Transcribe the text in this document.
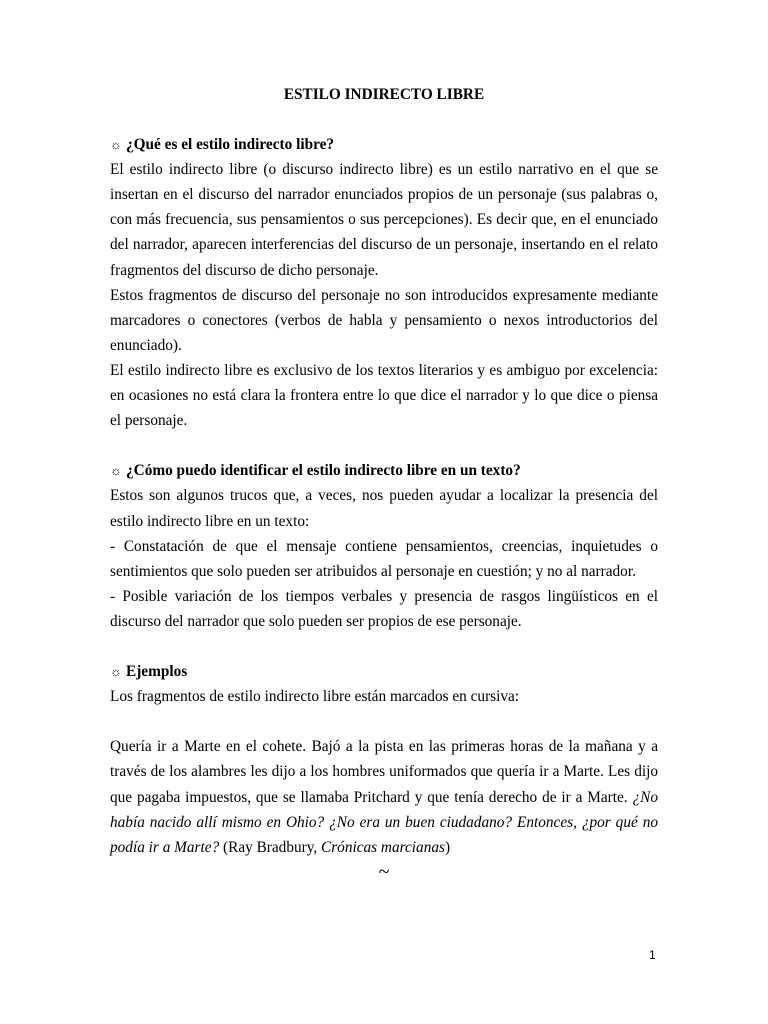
ESTILO INDIRECTO LIBRE
☼ ¿Qué es el estilo indirecto libre?

El estilo indirecto libre (o discurso indirecto libre) es un estilo narrativo en el que se insertan en el discurso del narrador enunciados propios de un personaje (sus palabras o, con más frecuencia, sus pensamientos o sus percepciones). Es decir que, en el enunciado del narrador, aparecen interferencias del discurso de un personaje, insertando en el relato fragmentos del discurso de dicho personaje.

Estos fragmentos de discurso del personaje no son introducidos expresamente mediante marcadores o conectores (verbos de habla y pensamiento o nexos introductorios del enunciado).

El estilo indirecto libre es exclusivo de los textos literarios y es ambiguo por excelencia: en ocasiones no está clara la frontera entre lo que dice el narrador y lo que dice o piensa el personaje.

☼ ¿Cómo puedo identificar el estilo indirecto libre en un texto?

Estos son algunos trucos que, a veces, nos pueden ayudar a localizar la presencia del estilo indirecto libre en un texto:

- Constatación de que el mensaje contiene pensamientos, creencias, inquietudes o sentimientos que solo pueden ser atribuidos al personaje en cuestión; y no al narrador.

- Posible variación de los tiempos verbales y presencia de rasgos lingüísticos en el discurso del narrador que solo pueden ser propios de ese personaje.

☼ Ejemplos

Los fragmentos de estilo indirecto libre están marcados en cursiva:

Quería ir a Marte en el cohete. Bajó a la pista en las primeras horas de la mañana y a través de los alambres les dijo a los hombres uniformados que quería ir a Marte. Les dijo que pagaba impuestos, que se llamaba Pritchard y que tenía derecho de ir a Marte. ¿No había nacido allí mismo en Ohio? ¿No era un buen ciudadano? Entonces, ¿por qué no podía ir a Marte? (Ray Bradbury, Crónicas marcianas)

~
1
